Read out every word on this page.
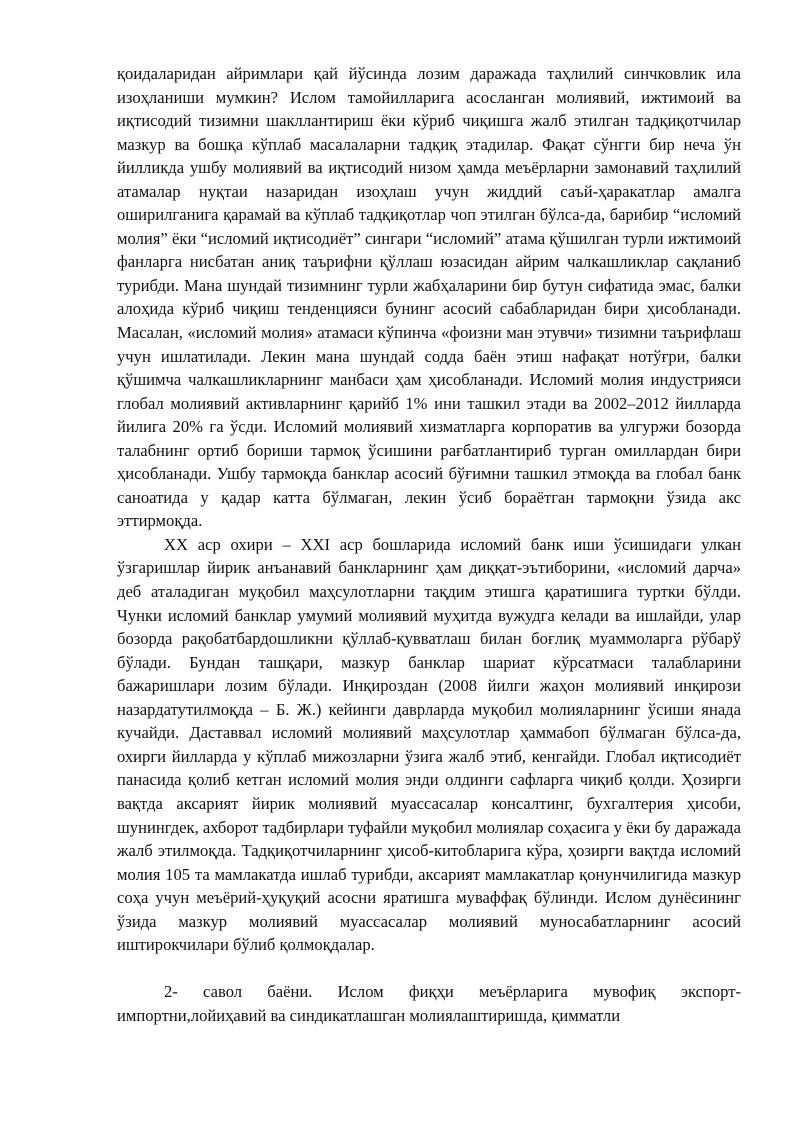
қоидаларидан айримлари қай йўсинда лозим даражада таҳлилий синчковлик ила изоҳланиши мумкин? Ислом тамойилларига асосланган молиявий, ижтимоий ва иқтисодий тизимни шакллантириш ёки кўриб чиқишга жалб этилган тадқиқотчилар мазкур ва бошқа кўплаб масалаларни тадқиқ этадилар. Фақат сўнгги бир неча ўн йилликда ушбу молиявий ва иқтисодий низом ҳамда меъёрларни замонавий таҳлилий атамалар нуқтаи назаридан изоҳлаш учун жиддий саъй-ҳаракатлар амалга оширилганига қарамай ва кўплаб тадқиқотлар чоп этилган бўлса-да, барибир “исломий молия” ёки “исломий иқтисодиёт” сингари “исломий” атама қўшилган турли ижтимоий фанларга нисбатан аниқ таърифни қўллаш юзасидан айрим чалкашликлар сақланиб турибди. Мана шундай тизимнинг турли жабҳаларини бир бутун сифатида эмас, балки алоҳида кўриб чиқиш тенденцияси бунинг асосий сабабларидан бири ҳисобланади. Масалан, «исломий молия» атамаси кўпинча «фоизни ман этувчи» тизимни таърифлаш учун ишлатилади. Лекин мана шундай содда баён этиш нафақат нотўғри, балки қўшимча чалкашликларнинг манбаси ҳам ҳисобланади. Исломий молия индустрияси глобал молиявий активларнинг қарийб 1% ини ташкил этади ва 2002–2012 йилларда йилига 20% га ўсди. Исломий молиявий хизматларга корпоратив ва улгуржи бозорда талабнинг ортиб бориши тармоқ ўсишини рағбатлантириб турган омиллардан бири ҳисобланади. Ушбу тармоқда банклар асосий бўғимни ташкил этмоқда ва глобал банк саноатида у қадар катта бўлмаган, лекин ўсиб бораётган тармоқни ўзида акс эттирмоқда.

XX аср охири – XXI аср бошларида исломий банк иши ўсишидаги улкан ўзгаришлар йирик анъанавий банкларнинг ҳам диққат-эътиборини, «исломий дарча» деб аталадиган муқобил маҳсулотларни тақдим этишга қаратишига туртки бўлди. Чунки исломий банклар умумий молиявий муҳитда вужудга келади ва ишлайди, улар бозорда рақобатбардошликни қўллаб-қувватлаш билан боғлиқ муаммоларга рўбарў бўлади. Бундан ташқари, мазкур банклар шариат кўрсатмаси талабларини бажаришлари лозим бўлади. Инқироздан (2008 йилги жаҳон молиявий инқирози назардатутилмоқда – Б. Ж.) кейинги даврларда муқобил молияларнинг ўсиши янада кучайди. Даставвал исломий молиявий маҳсулотлар ҳаммабоп бўлмаган бўлса-да, охирги йилларда у кўплаб мижозларни ўзига жалб этиб, кенгайди. Глобал иқтисодиёт панасида қолиб кетган исломий молия энди олдинги сафларга чиқиб қолди. Ҳозирги вақтда аксарият йирик молиявий муассасалар консалтинг, бухгалтерия ҳисоби, шунингдек, ахборот тадбирлари туфайли муқобил молиялар соҳасига у ёки бу даражада жалб этилмоқда. Тадқиқотчиларнинг ҳисоб-китобларига кўра, ҳозирги вақтда исломий молия 105 та мамлакатда ишлаб турибди, аксарият мамлакатлар қонунчилигида мазкур соҳа учун меъёрий-ҳуқуқий асосни яратишга муваффақ бўлинди. Ислом дунёсининг ўзида мазкур молиявий муассасалар молиявий муносабатларнинг асосий иштирокчилари бўлиб қолмоқдалар.

2- савол баёни. Ислом фиқҳи меъёрларига мувофиқ экспорт-импортни,лойиҳавий ва синдикатлашган молиялаштиришда, қимматли
